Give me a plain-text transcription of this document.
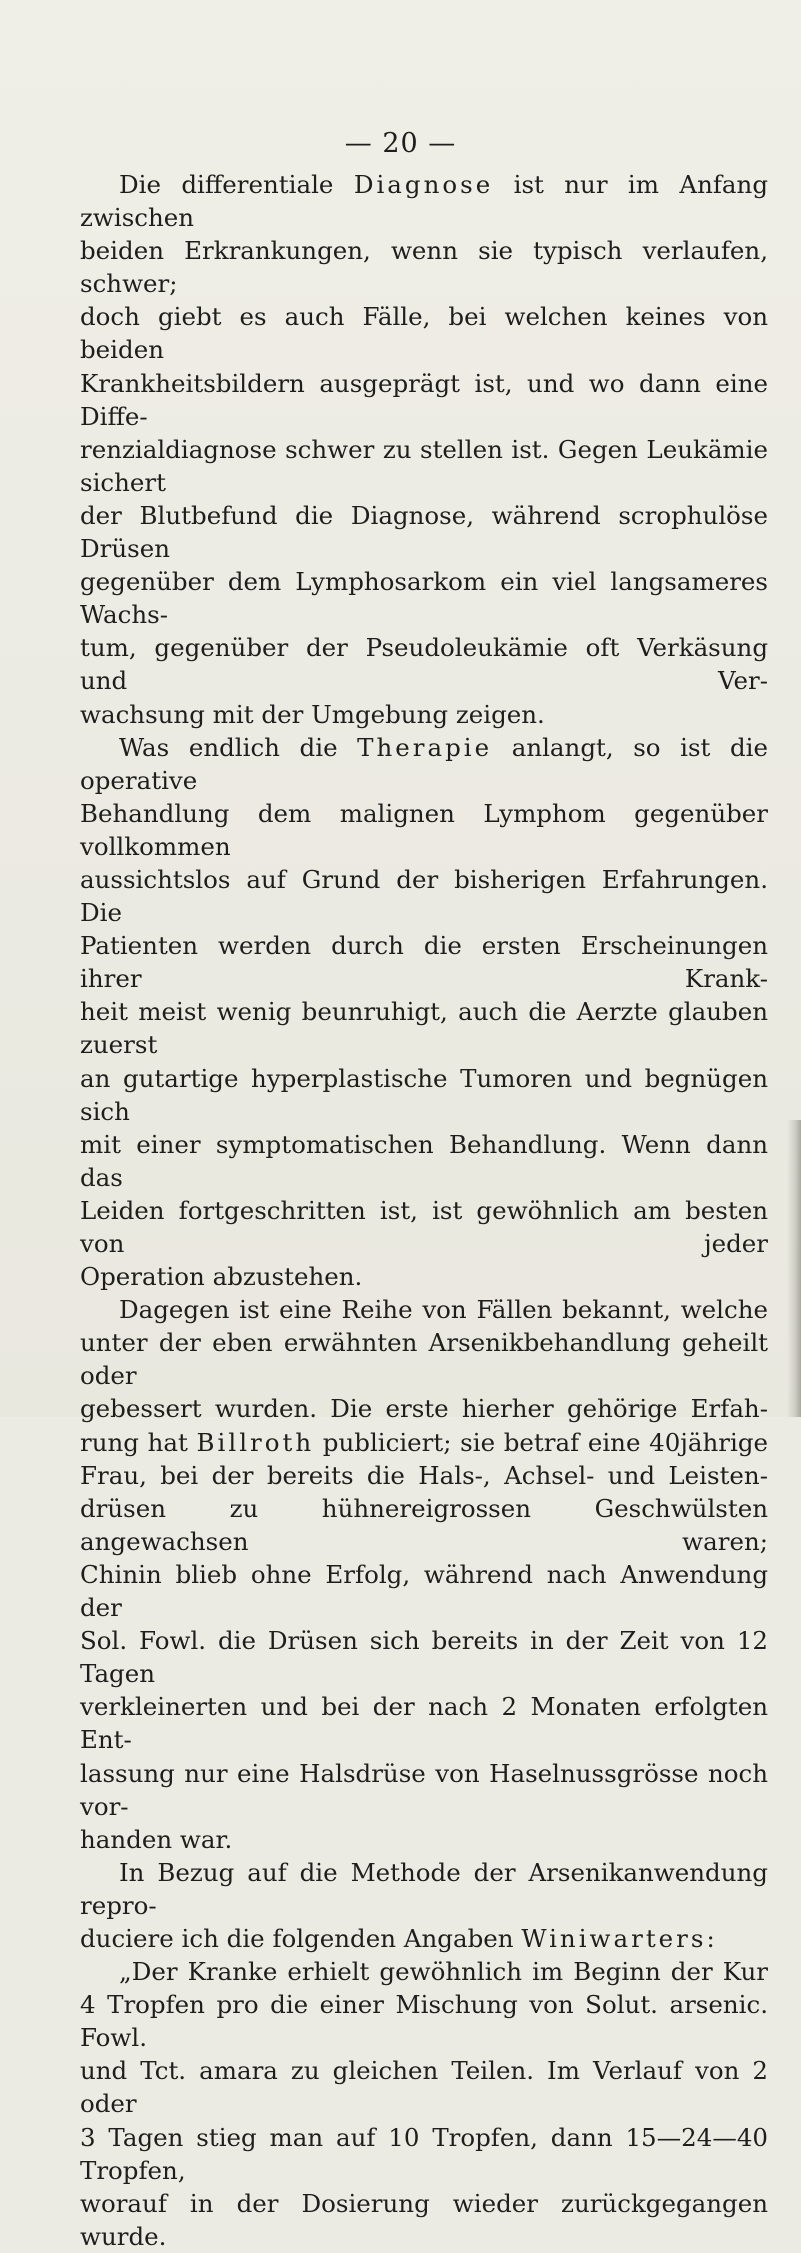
— 20 —

Die differentiale Diagnose ist nur im Anfang zwischen

beiden Erkrankungen, wenn sie typisch verlaufen, schwer;

doch giebt es auch Fälle, bei welchen keines von beiden

Krankheitsbildern ausgeprägt ist, und wo dann eine Diffe-

renzialdiagnose schwer zu stellen ist. Gegen Leukämie sichert

der Blutbefund die Diagnose, während scrophulöse Drüsen

gegenüber dem Lymphosarkom ein viel langsameres Wachs-

tum, gegenüber der Pseudoleukämie oft Verkäsung und Ver-

wachsung mit der Umgebung zeigen.

Was endlich die Therapie anlangt, so ist die operative

Behandlung dem malignen Lymphom gegenüber vollkommen

aussichtslos auf Grund der bisherigen Erfahrungen. Die

Patienten werden durch die ersten Erscheinungen ihrer Krank-

heit meist wenig beunruhigt, auch die Aerzte glauben zuerst

an gutartige hyperplastische Tumoren und begnügen sich

mit einer symptomatischen Behandlung. Wenn dann das

Leiden fortgeschritten ist, ist gewöhnlich am besten von jeder

Operation abzustehen.

Dagegen ist eine Reihe von Fällen bekannt, welche

unter der eben erwähnten Arsenikbehandlung geheilt oder

gebessert wurden. Die erste hierher gehörige Erfah-

rung hat Billroth publiciert; sie betraf eine 40jährige

Frau, bei der bereits die Hals-, Achsel- und Leisten-

drüsen zu hühnereigrossen Geschwülsten angewachsen waren;

Chinin blieb ohne Erfolg, während nach Anwendung der

Sol. Fowl. die Drüsen sich bereits in der Zeit von 12 Tagen

verkleinerten und bei der nach 2 Monaten erfolgten Ent-

lassung nur eine Halsdrüse von Haselnussgrösse noch vor-

handen war.

In Bezug auf die Methode der Arsenikanwendung repro-

duciere ich die folgenden Angaben Winiwarters:

„Der Kranke erhielt gewöhnlich im Beginn der Kur

4 Tropfen pro die einer Mischung von Solut. arsenic. Fowl.

und Tct. amara zu gleichen Teilen. Im Verlauf von 2 oder

3 Tagen stieg man auf 10 Tropfen, dann 15—24—40 Tropfen,

worauf in der Dosierung wieder zurückgegangen wurde.
